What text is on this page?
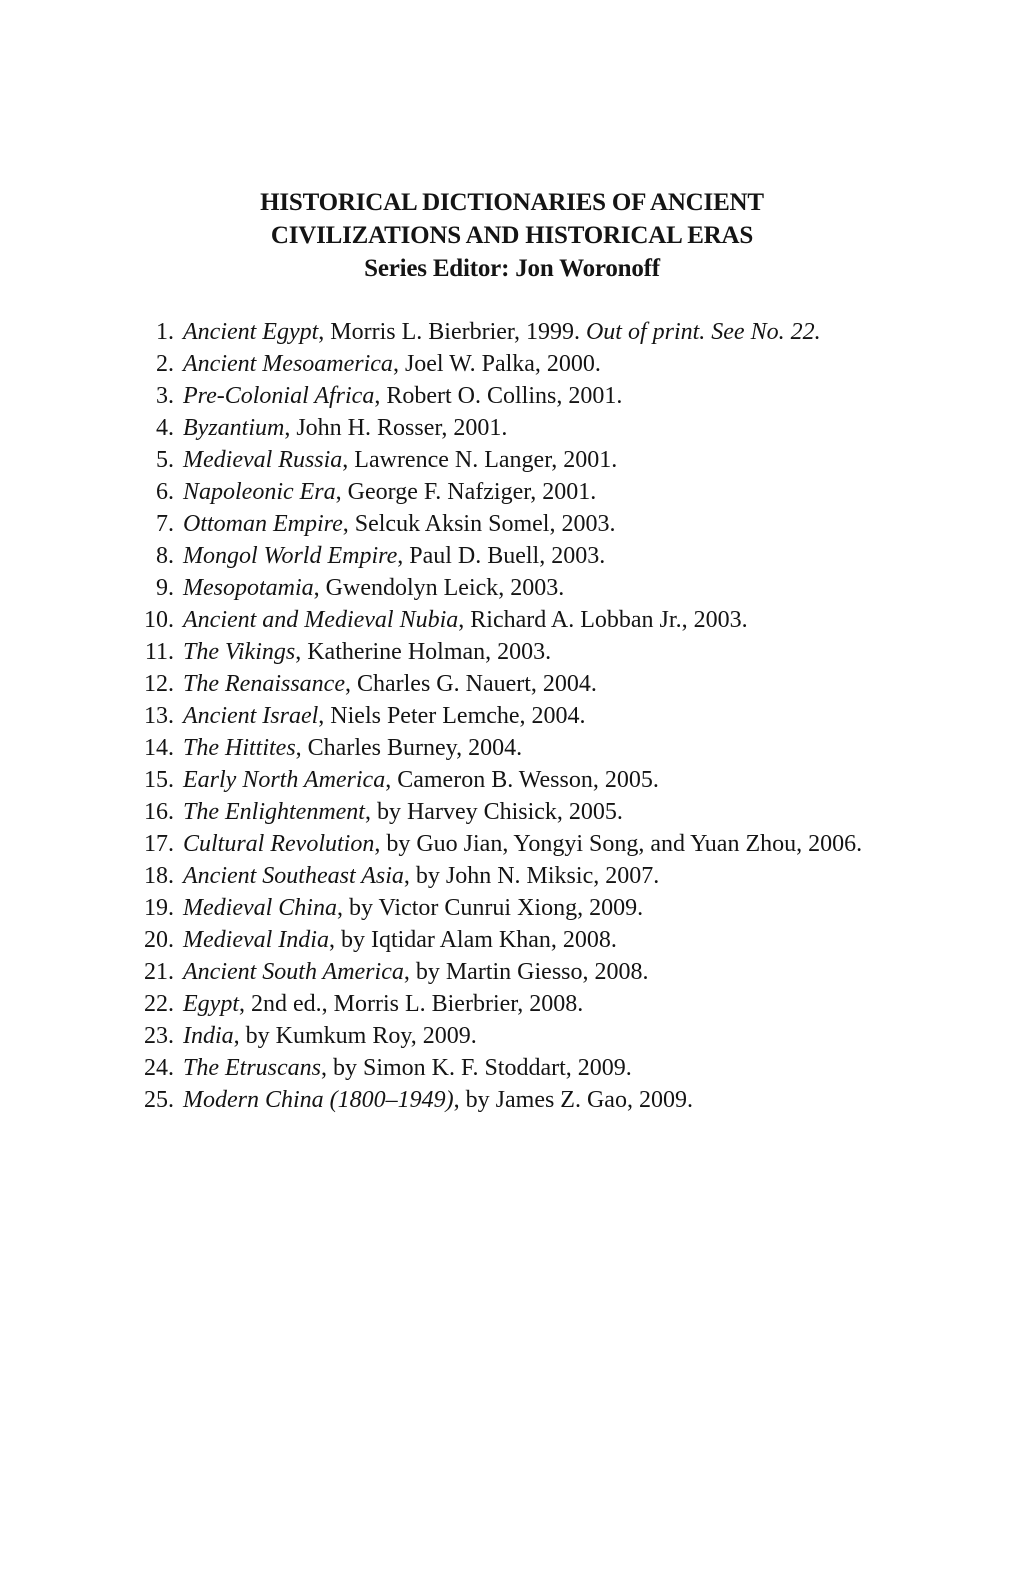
HISTORICAL DICTIONARIES OF ANCIENT

CIVILIZATIONS AND HISTORICAL ERAS

Series Editor: Jon Woronoff

1. Ancient Egypt, Morris L. Bierbrier, 1999. Out of print. See No. 22.
2. Ancient Mesoamerica, Joel W. Palka, 2000.
3. Pre-Colonial Africa, Robert O. Collins, 2001.
4. Byzantium, John H. Rosser, 2001.
5. Medieval Russia, Lawrence N. Langer, 2001.
6. Napoleonic Era, George F. Nafziger, 2001.
7. Ottoman Empire, Selcuk Aksin Somel, 2003.
8. Mongol World Empire, Paul D. Buell, 2003.
9. Mesopotamia, Gwendolyn Leick, 2003.
10. Ancient and Medieval Nubia, Richard A. Lobban Jr., 2003.
11. The Vikings, Katherine Holman, 2003.
12. The Renaissance, Charles G. Nauert, 2004.
13. Ancient Israel, Niels Peter Lemche, 2004.
14. The Hittites, Charles Burney, 2004.
15. Early North America, Cameron B. Wesson, 2005.
16. The Enlightenment, by Harvey Chisick, 2005.
17. Cultural Revolution, by Guo Jian, Yongyi Song, and Yuan Zhou, 2006.
18. Ancient Southeast Asia, by John N. Miksic, 2007.
19. Medieval China, by Victor Cunrui Xiong, 2009.
20. Medieval India, by Iqtidar Alam Khan, 2008.
21. Ancient South America, by Martin Giesso, 2008.
22. Egypt, 2nd ed., Morris L. Bierbrier, 2008.
23. India, by Kumkum Roy, 2009.
24. The Etruscans, by Simon K. F. Stoddart, 2009.
25. Modern China (1800–1949), by James Z. Gao, 2009.
